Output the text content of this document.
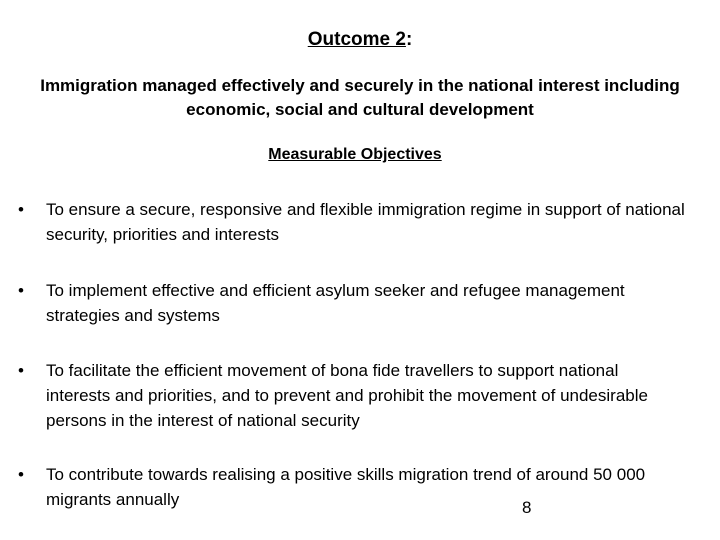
Outcome 2:
Immigration managed effectively and securely in the national interest including economic, social and cultural development
Measurable Objectives
•	To ensure a secure, responsive and flexible immigration regime in support of national security, priorities and interests
•	To implement effective and efficient asylum seeker and refugee management strategies and systems
•	To facilitate the efficient movement of bona fide travellers to support national interests and priorities, and to prevent and prohibit the movement of undesirable persons in the interest of national security
•	To contribute towards realising a positive skills migration trend of around 50 000 migrants annually	8
